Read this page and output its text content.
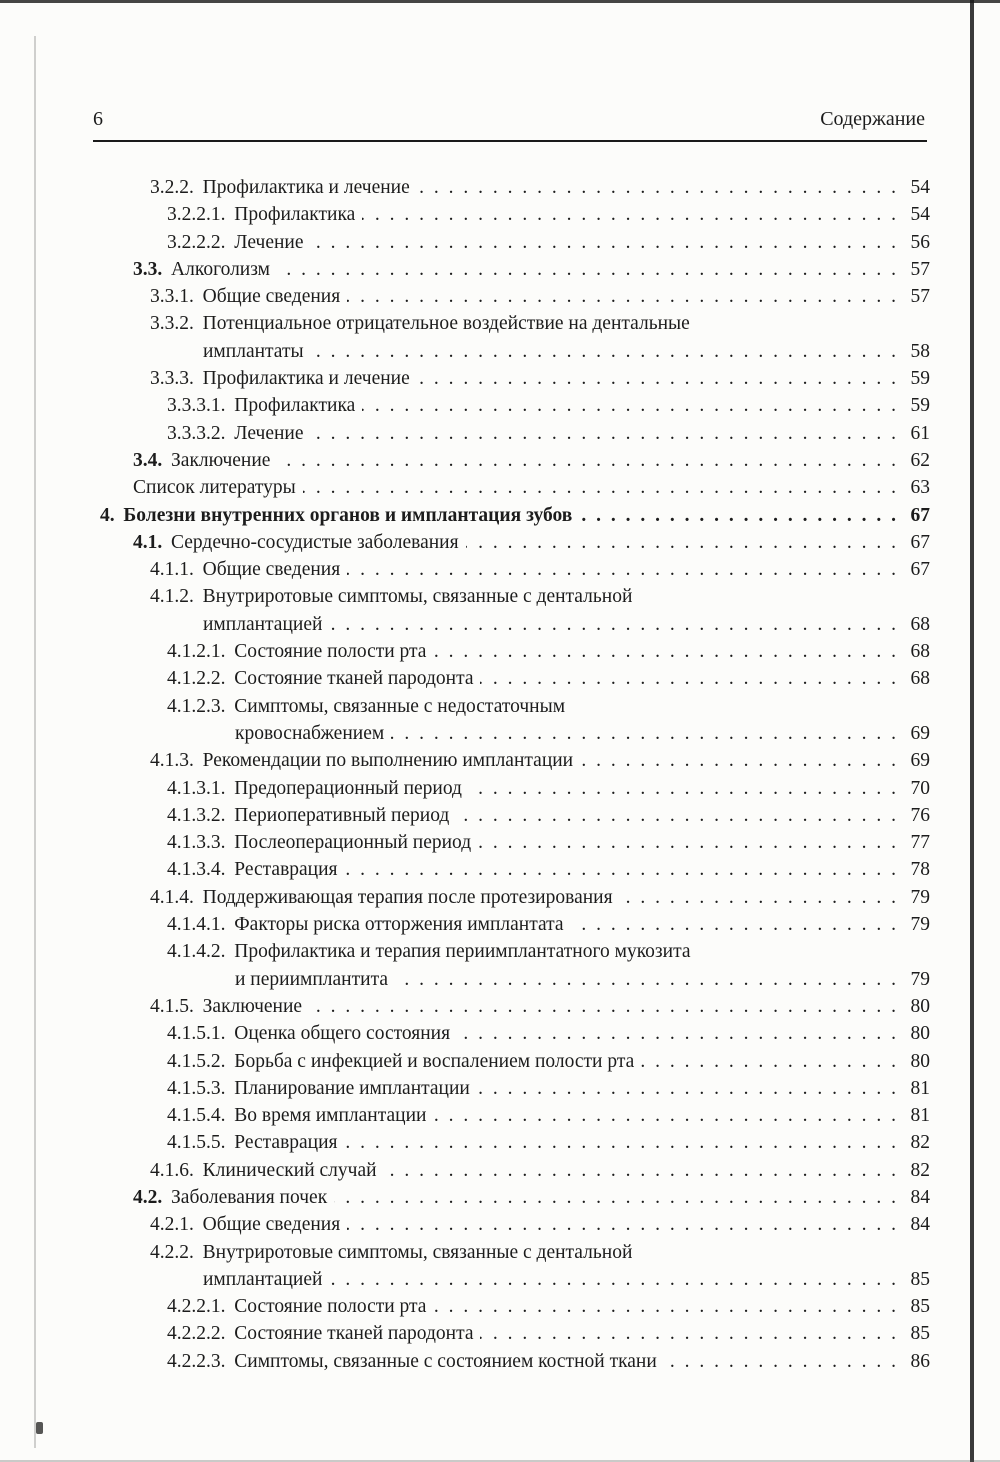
6	Содержание
3.2.2. Профилактика и лечение . . .	54
3.2.2.1. Профилактика . . .	54
3.2.2.2. Лечение . . .	56
3.3. Алкоголизм . . .	57
3.3.1. Общие сведения . . .	57
3.3.2. Потенциальное отрицательное воздействие на дентальные
имплантаты . . .	58
3.3.3. Профилактика и лечение . . .	59
3.3.3.1. Профилактика . . .	59
3.3.3.2. Лечение . . .	61
3.4. Заключение . . .	62
Список литературы . . .	63
4. Болезни внутренних органов и имплантация зубов . . .	67
4.1. Сердечно-сосудистые заболевания . . .	67
4.1.1. Общие сведения . . .	67
4.1.2. Внутриротовые симптомы, связанные с дентальной
имплантацией . . .	68
4.1.2.1. Состояние полости рта . . .	68
4.1.2.2. Состояние тканей пародонта . . .	68
4.1.2.3. Симптомы, связанные с недостаточным
кровоснабжением . . .	69
4.1.3. Рекомендации по выполнению имплантации . . .	69
4.1.3.1. Предоперационный период . . .	70
4.1.3.2. Периоперативный период . . .	76
4.1.3.3. Послеоперационный период . . .	77
4.1.3.4. Реставрация . . .	78
4.1.4. Поддерживающая терапия после протезирования . . .	79
4.1.4.1. Факторы риска отторжения имплантата . . .	79
4.1.4.2. Профилактика и терапия периимплантатного мукозита
и периимплантита . . .	79
4.1.5. Заключение . . .	80
4.1.5.1. Оценка общего состояния . . .	80
4.1.5.2. Борьба с инфекцией и воспалением полости рта . . .	80
4.1.5.3. Планирование имплантации . . .	81
4.1.5.4. Во время имплантации . . .	81
4.1.5.5. Реставрация . . .	82
4.1.6. Клинический случай . . .	82
4.2. Заболевания почек . . .	84
4.2.1. Общие сведения . . .	84
4.2.2. Внутриротовые симптомы, связанные с дентальной
имплантацией . . .	85
4.2.2.1. Состояние полости рта . . .	85
4.2.2.2. Состояние тканей пародонта . . .	85
4.2.2.3. Симптомы, связанные с состоянием костной ткани . . .	86
